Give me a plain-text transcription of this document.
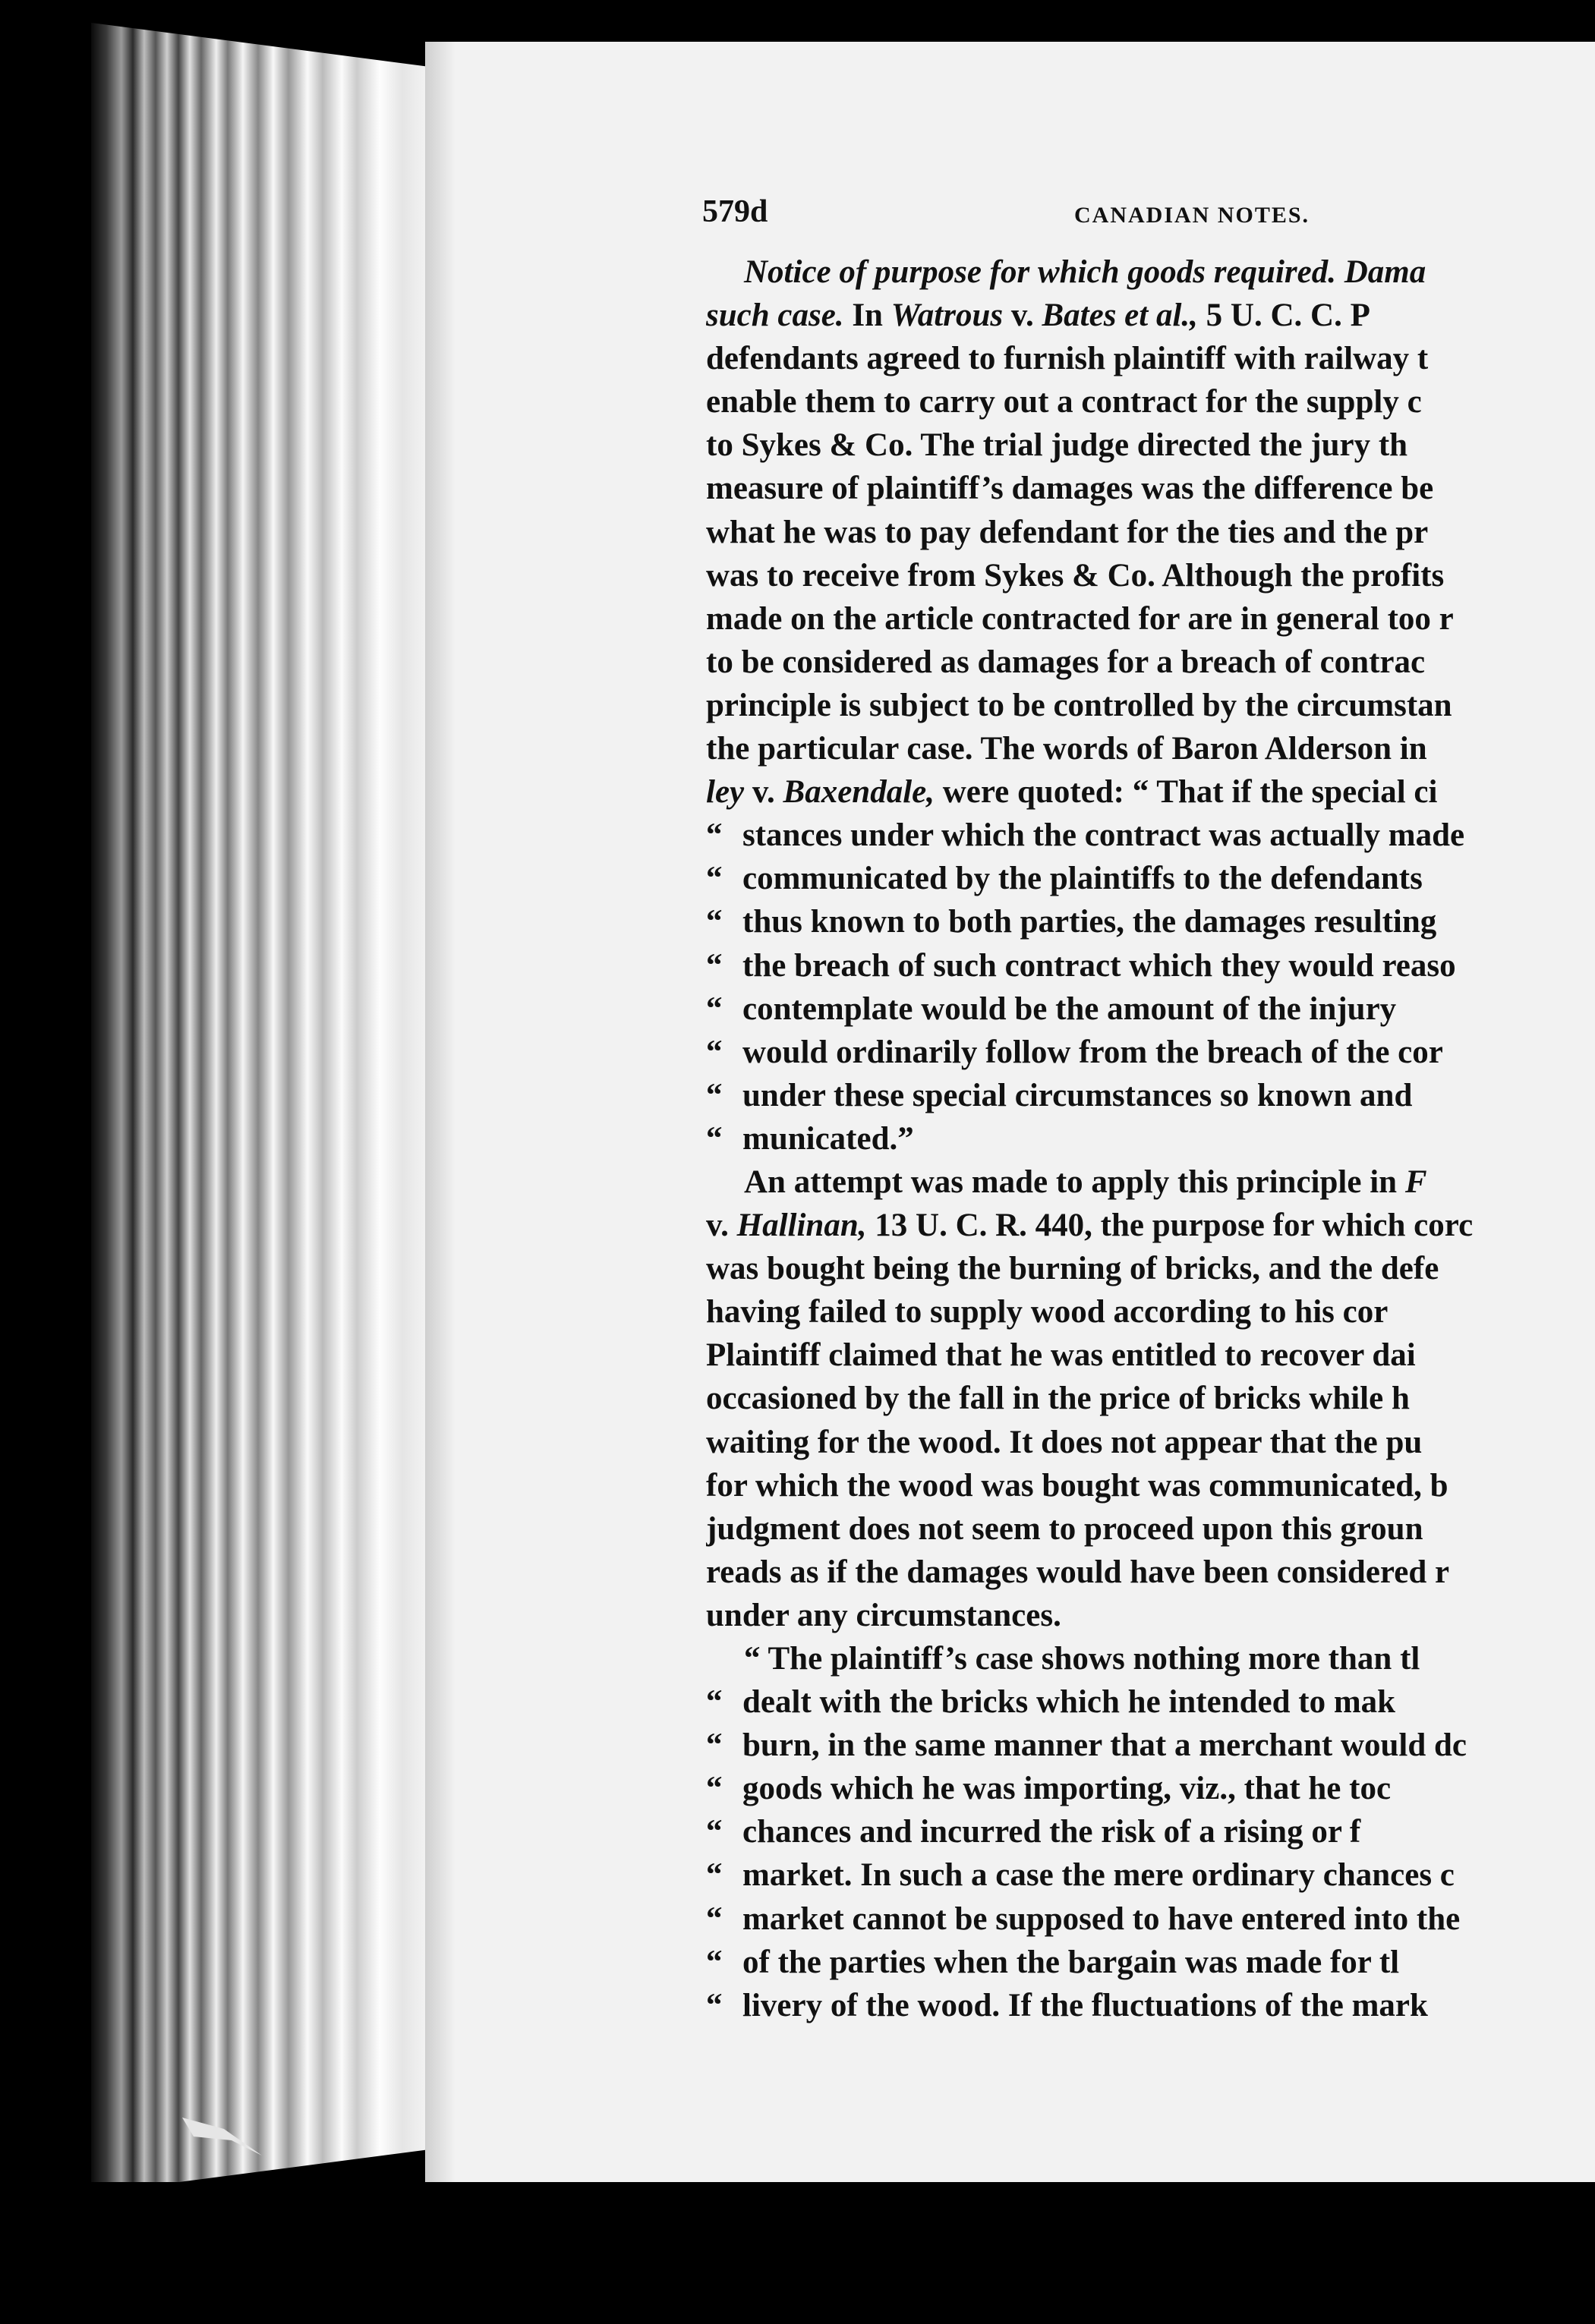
579d	CANADIAN NOTES.
Notice of purpose for which goods required. Dama
such case. In Watrous v. Bates et al., 5 U. C. C. P
defendants agreed to furnish plaintiff with railway t
enable them to carry out a contract for the supply c
to Sykes & Co. The trial judge directed the jury th
measure of plaintiff’s damages was the difference be
what he was to pay defendant for the ties and the pr
was to receive from Sykes & Co. Although the profits
made on the article contracted for are in general too r
to be considered as damages for a breach of contrac
principle is subject to be controlled by the circumstan
the particular case. The words of Baron Alderson in
ley v. Baxendale, were quoted: “ That if the special ci
“ stances under which the contract was actually made
“ communicated by the plaintiffs to the defendants
“ thus known to both parties, the damages resulting
“ the breach of such contract which they would reaso
“ contemplate would be the amount of the injury
“ would ordinarily follow from the breach of the cor
“ under these special circumstances so known and
“ municated.”
An attempt was made to apply this principle in F
v. Hallinan, 13 U. C. R. 440, the purpose for which corc
was bought being the burning of bricks, and the defe
having failed to supply wood according to his cor
Plaintiff claimed that he was entitled to recover dai
occasioned by the fall in the price of bricks while h
waiting for the wood. It does not appear that the pu
for which the wood was bought was communicated, b
judgment does not seem to proceed upon this groun
reads as if the damages would have been considered r
under any circumstances.
“ The plaintiff’s case shows nothing more than tl
“ dealt with the bricks which he intended to mak
“ burn, in the same manner that a merchant would dc
“ goods which he was importing, viz., that he toc
“ chances and incurred the risk of a rising or f
“ market. In such a case the mere ordinary chances c
“ market cannot be supposed to have entered into the
“ of the parties when the bargain was made for tl
“ livery of the wood. If the fluctuations of the mark
